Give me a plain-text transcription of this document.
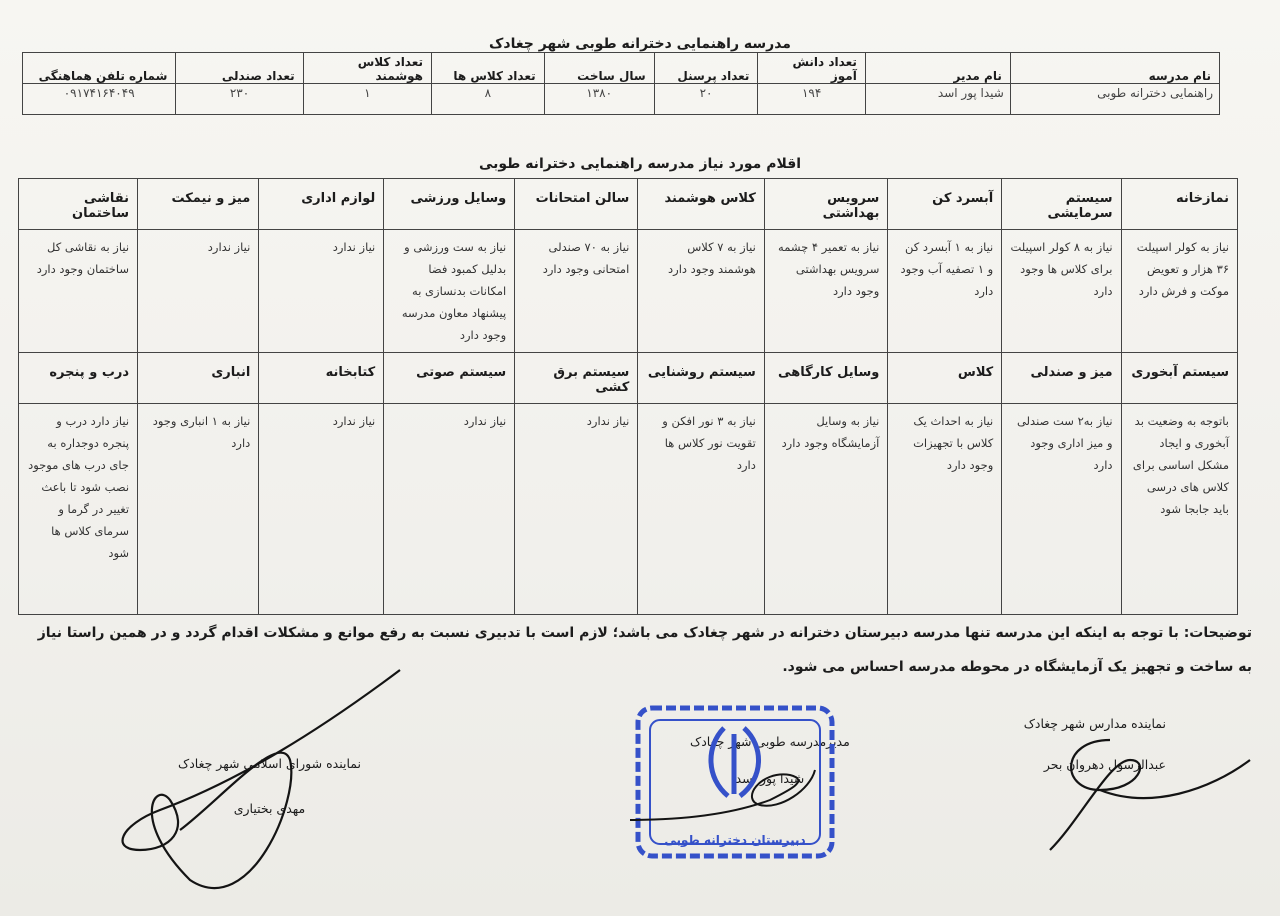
مدرسه راهنمایی دخترانه طوبی شهر چغادک
نام مدرسه	نام مدیر	تعداد دانش آموز	تعداد پرسنل	سال ساخت	تعداد کلاس ها	تعداد کلاس هوشمند	تعداد صندلی	شماره تلفن هماهنگی
راهنمایی دخترانه طوبی	شیدا پور اسد	۱۹۴	۲۰	۱۳۸۰	۸	۱	۲۳۰	۰۹۱۷۴۱۶۴۰۴۹
اقلام مورد نیاز مدرسه راهنمایی دخترانه طوبی
نمازخانه	سیستم سرمایشی	آبسرد کن	سرویس بهداشتی	کلاس هوشمند	سالن امتحانات	وسایل ورزشی	لوازم اداری	میز و نیمکت	نقاشی ساختمان
نیاز به کولر اسپیلت ۳۶ هزار و تعویض موکت و فرش دارد	نیاز به ۸ کولر اسپیلت برای کلاس ها وجود دارد	نیاز به ۱ آبسرد کن و ۱ تصفیه آب وجود دارد	نیاز به تعمیر ۴ چشمه سرویس بهداشتی وجود دارد	نیاز به ۷ کلاس هوشمند وجود دارد	نیاز به ۷۰ صندلی امتحانی وجود دارد	نیاز به ست ورزشی و بدلیل کمبود فضا امکانات بدنسازی به پیشنهاد معاون مدرسه وجود دارد	نیاز ندارد	نیاز ندارد	نیاز به نقاشی کل ساختمان وجود دارد
سیستم آبخوری	میز و صندلی	کلاس	وسایل کارگاهی	سیستم روشنایی	سیستم برق کشی	سیستم صوتی	کتابخانه	انباری	درب و پنجره
باتوجه به وضعیت بد آبخوری و ایجاد مشکل اساسی برای کلاس های درسی باید جابجا شود	نیاز به۲ ست صندلی و میز اداری وجود دارد	نیاز به احداث یک کلاس با تجهیزات وجود دارد	نیاز به وسایل آزمایشگاه وجود دارد	نیاز به ۳ نور افکن و تقویت نور کلاس ها دارد	نیاز ندارد	نیاز ندارد	نیاز ندارد	نیاز به ۱ انباری وجود دارد	نیاز دارد درب و پنجره دوجداره به جای درب های موجود نصب شود تا باعث تغییر در گرما و سرمای کلاس ها شود
توضیحات: با توجه به اینکه این مدرسه تنها مدرسه دبیرستان دخترانه در شهر چغادک می باشد؛ لازم است با تدبیری نسبت به رفع موانع و مشکلات اقدام گردد و در همین راستا نیاز به ساخت و تجهیز یک آزمایشگاه در محوطه مدرسه احساس می شود.
نماینده مدارس شهر چغادک
عبدالرسول دهروان بحر
مدیرمدرسه طوبی شهر چغادک
شیدا پور اسد
نماینده شورای اسلامی شهر چغادک
مهدی بختیاری
دبیرستان دخترانه طوبی
